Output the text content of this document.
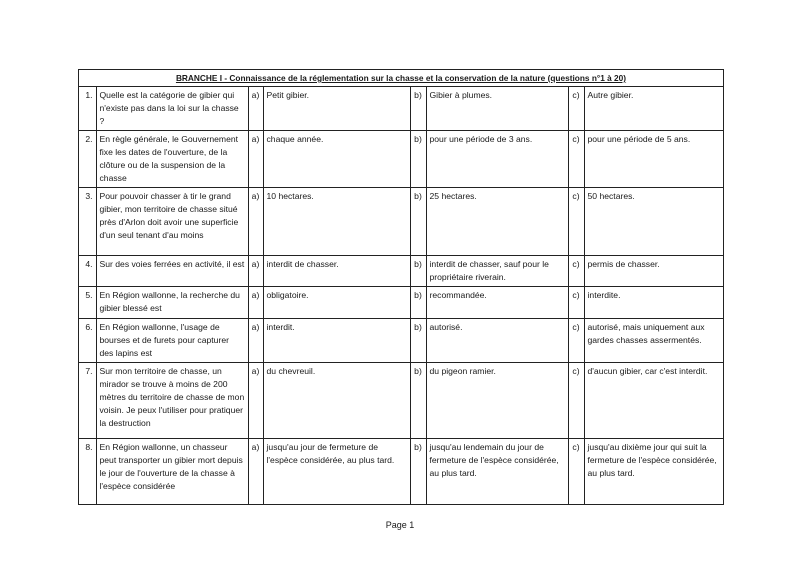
BRANCHE I - Connaissance de la réglementation sur la chasse et la conservation de la nature (questions n°1 à 20)
1.	Quelle est la catégorie de gibier qui n'existe pas dans la loi sur la chasse ?	a)	Petit gibier.	b)	Gibier à plumes.	c)	Autre gibier.
2.	En règle générale, le Gouvernement fixe les dates de l'ouverture, de la clôture ou de la suspension de la chasse	a)	chaque année.	b)	pour une période de 3 ans.	c)	pour une période de 5 ans.
3.	Pour pouvoir chasser à tir le grand gibier, mon territoire de chasse situé près d'Arlon doit avoir une superficie d'un seul tenant d'au moins	a)	10 hectares.	b)	25 hectares.	c)	50 hectares.
4.	Sur des voies ferrées en activité, il est	a)	interdit de chasser.	b)	interdit de chasser, sauf pour le propriétaire riverain.	c)	permis de chasser.
5.	En Région wallonne, la recherche du gibier blessé est	a)	obligatoire.	b)	recommandée.	c)	interdite.
6.	En Région wallonne, l'usage de bourses et de furets pour capturer des lapins est	a)	interdit.	b)	autorisé.	c)	autorisé, mais uniquement aux gardes chasses assermentés.
7.	Sur mon territoire de chasse, un mirador se trouve à moins de 200 mètres du territoire de chasse de mon voisin. Je peux l'utiliser pour pratiquer la destruction	a)	du chevreuil.	b)	du pigeon ramier.	c)	d'aucun gibier, car c'est interdit.
8.	En Région wallonne, un chasseur peut transporter un gibier mort depuis le jour de l'ouverture de la chasse à l'espèce considérée	a)	jusqu'au jour de fermeture de l'espèce considérée, au plus tard.	b)	jusqu'au lendemain du jour de fermeture de l'espèce considérée, au plus tard.	c)	jusqu'au dixième jour qui suit la fermeture de l'espèce considérée, au plus tard.
Page 1
